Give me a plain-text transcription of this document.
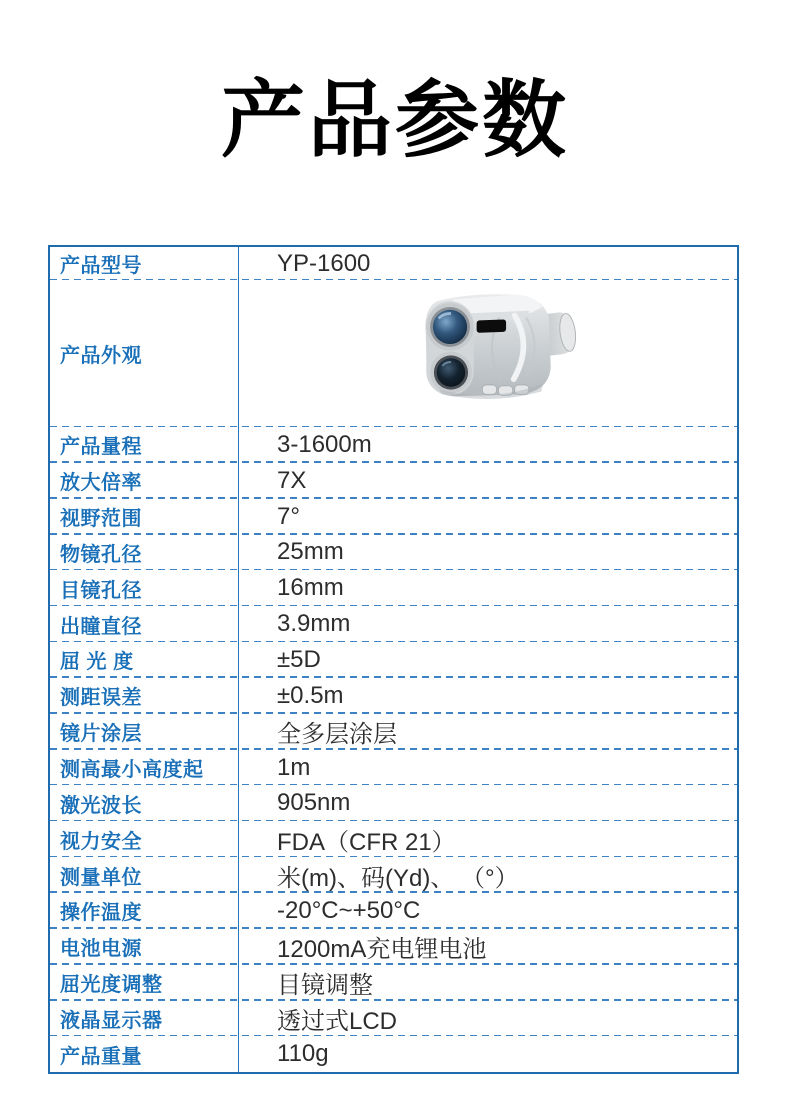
产品参数
产品型号	YP-1600
产品外观
产品量程	3-1600m
放大倍率	7X
视野范围	7°
物镜孔径	25mm
目镜孔径	16mm
出瞳直径	3.9mm
屈 光 度	±5D
测距误差	±0.5m
镜片涂层	全多层涂层
测高最小高度起	1m
激光波长	905nm
视力安全	FDA（CFR 21）
测量单位	米(m)、码(Yd)、 （°）
操作温度	-20°C~+50°C
电池电源	1200mA充电锂电池
屈光度调整	目镜调整
液晶显示器	透过式LCD
产品重量	110g
